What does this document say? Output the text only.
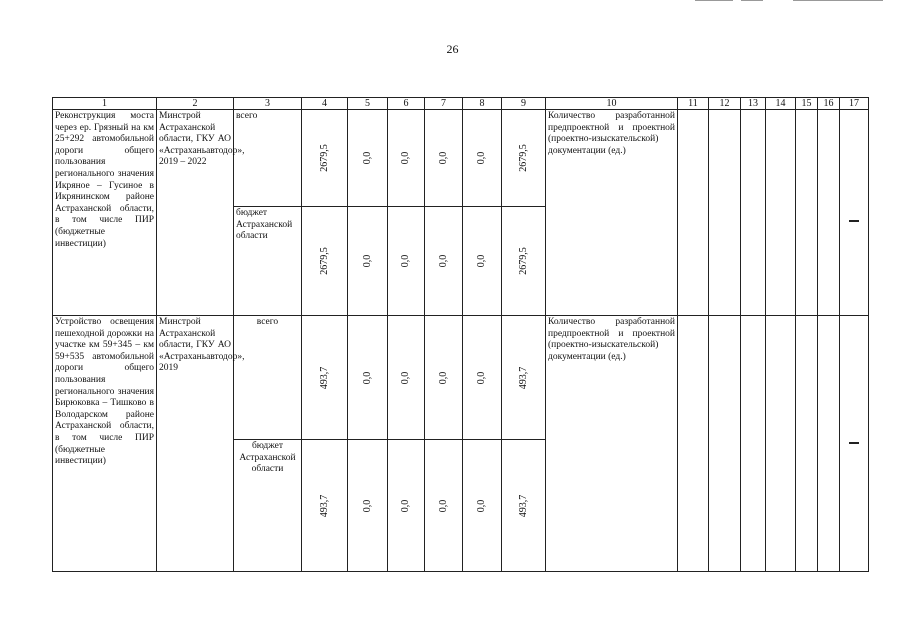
26
1	2	3	4	5	6	7	8	9	10	11	12	13	14	15	16	17
Реконструкция моста через ер. Грязный на км 25+292 автомобильной дороги общего пользования регионального значения Икряное – Гусиное в Икрянинском районе Астраханской области, в том числе ПИР (бюджетные инвестиции)	Минстрой Астраханской области, ГКУ АО «Астраханьавтодор», 2019 – 2022	всего	2679,5	0,0	0,0	0,0	0,0	2679,5	Количество разработанной предпроектной и проектной (проектно-изыскательской) документации (ед.)							

		бюджет Астраханской области	2679,5	0,0	0,0	0,0	0,0	2679,5								

Устройство освещения пешеходной дорожки на участке км 59+345 – км 59+535 автомобильной дороги общего пользования регионального значения Бирюковка – Тишково в Володарском районе Астраханской области, в том числе ПИР (бюджетные инвестиции)	Минстрой Астраханской области, ГКУ АО «Астраханьавтодор», 2019	всего	493,7	0,0	0,0	0,0	0,0	493,7	Количество разработанной предпроектной и проектной (проектно-изыскательской) документации (ед.)							

		бюджет Астраханской области	493,7	0,0	0,0	0,0	0,0	493,7								
